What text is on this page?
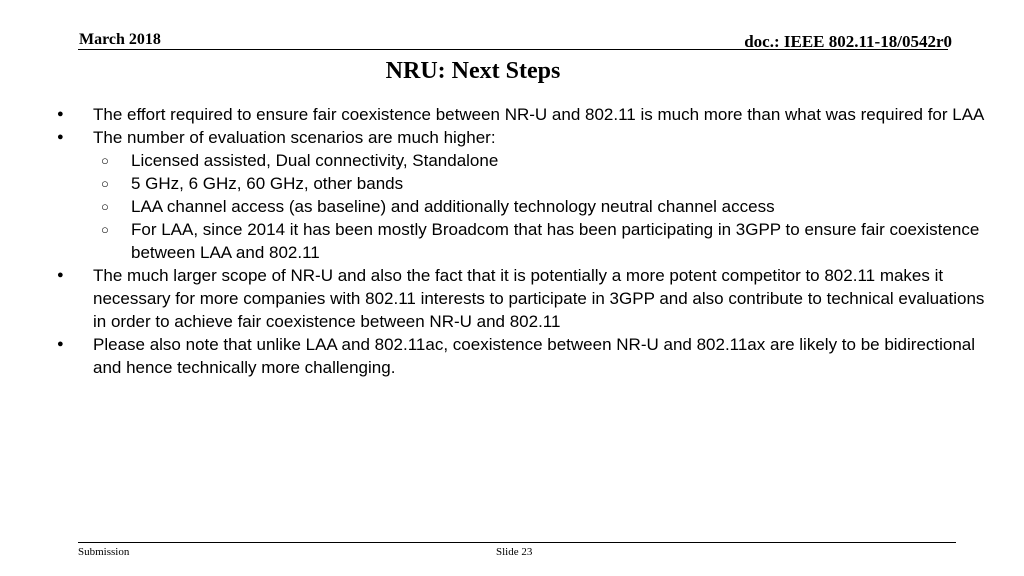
March 2018	doc.: IEEE 802.11-18/0542r0
NRU: Next Steps
● The effort required to ensure fair coexistence between NR-U and 802.11 is much more than what was required for LAA
● The number of evaluation scenarios are much higher:
○ Licensed assisted, Dual connectivity, Standalone
○ 5 GHz, 6 GHz, 60 GHz, other bands
○ LAA channel access (as baseline) and additionally technology neutral channel access
○ For LAA, since 2014 it has been mostly Broadcom that has been participating in 3GPP to ensure fair coexistence between LAA and 802.11
● The much larger scope of NR-U and also the fact that it is potentially a more potent competitor to 802.11 makes it necessary for more companies with 802.11 interests to participate in 3GPP and also contribute to technical evaluations in order to achieve fair coexistence between NR-U and 802.11
● Please also note that unlike LAA and 802.11ac, coexistence between NR-U and 802.11ax are likely to be bidirectional and hence technically more challenging.
Submission	Slide 23
